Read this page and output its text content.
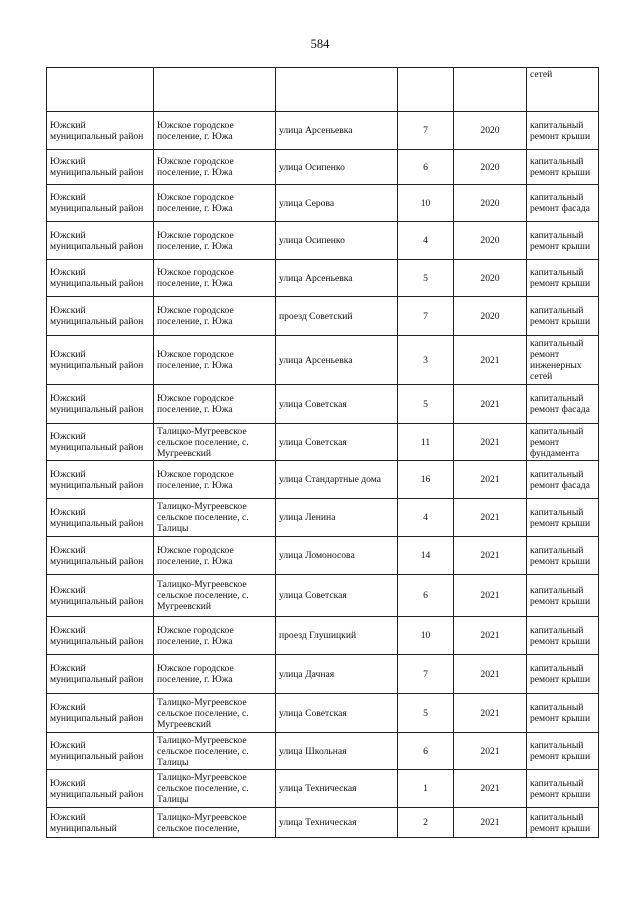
584
					сетей
Южский муниципальный район	Южское городское поселение, г. Южа	улица Арсеньевка	7	2020	капитальный ремонт крыши
Южский муниципальный район	Южское городское поселение, г. Южа	улица Осипенко	6	2020	капитальный ремонт крыши
Южский муниципальный район	Южское городское поселение, г. Южа	улица Серова	10	2020	капитальный ремонт фасада
Южский муниципальный район	Южское городское поселение, г. Южа	улица Осипенко	4	2020	капитальный ремонт крыши
Южский муниципальный район	Южское городское поселение, г. Южа	улица Арсеньевка	5	2020	капитальный ремонт крыши
Южский муниципальный район	Южское городское поселение, г. Южа	проезд Советский	7	2020	капитальный ремонт крыши
Южский муниципальный район	Южское городское поселение, г. Южа	улица Арсеньевка	3	2021	капитальный ремонт инженерных сетей
Южский муниципальный район	Южское городское поселение, г. Южа	улица Советская	5	2021	капитальный ремонт фасада
Южский муниципальный район	Талицко-Мугреевское сельское поселение, с. Мугреевский	улица Советская	11	2021	капитальный ремонт фундамента
Южский муниципальный район	Южское городское поселение, г. Южа	улица Стандартные дома	16	2021	капитальный ремонт фасада
Южский муниципальный район	Талицко-Мугреевское сельское поселение, с. Талицы	улица Ленина	4	2021	капитальный ремонт крыши
Южский муниципальный район	Южское городское поселение, г. Южа	улица Ломоносова	14	2021	капитальный ремонт крыши
Южский муниципальный район	Талицко-Мугреевское сельское поселение, с. Мугреевский	улица Советская	6	2021	капитальный ремонт крыши
Южский муниципальный район	Южское городское поселение, г. Южа	проезд Глушицкий	10	2021	капитальный ремонт крыши
Южский муниципальный район	Южское городское поселение, г. Южа	улица Дачная	7	2021	капитальный ремонт крыши
Южский муниципальный район	Талицко-Мугреевское сельское поселение, с. Мугреевский	улица Советская	5	2021	капитальный ремонт крыши
Южский муниципальный район	Талицко-Мугреевское сельское поселение, с. Талицы	улица Школьная	6	2021	капитальный ремонт крыши
Южский муниципальный район	Талицко-Мугреевское сельское поселение, с. Талицы	улица Техническая	1	2021	капитальный ремонт крыши
Южский муниципальный	Талицко-Мугреевское сельское поселение,	улица Техническая	2	2021	капитальный ремонт крыши
